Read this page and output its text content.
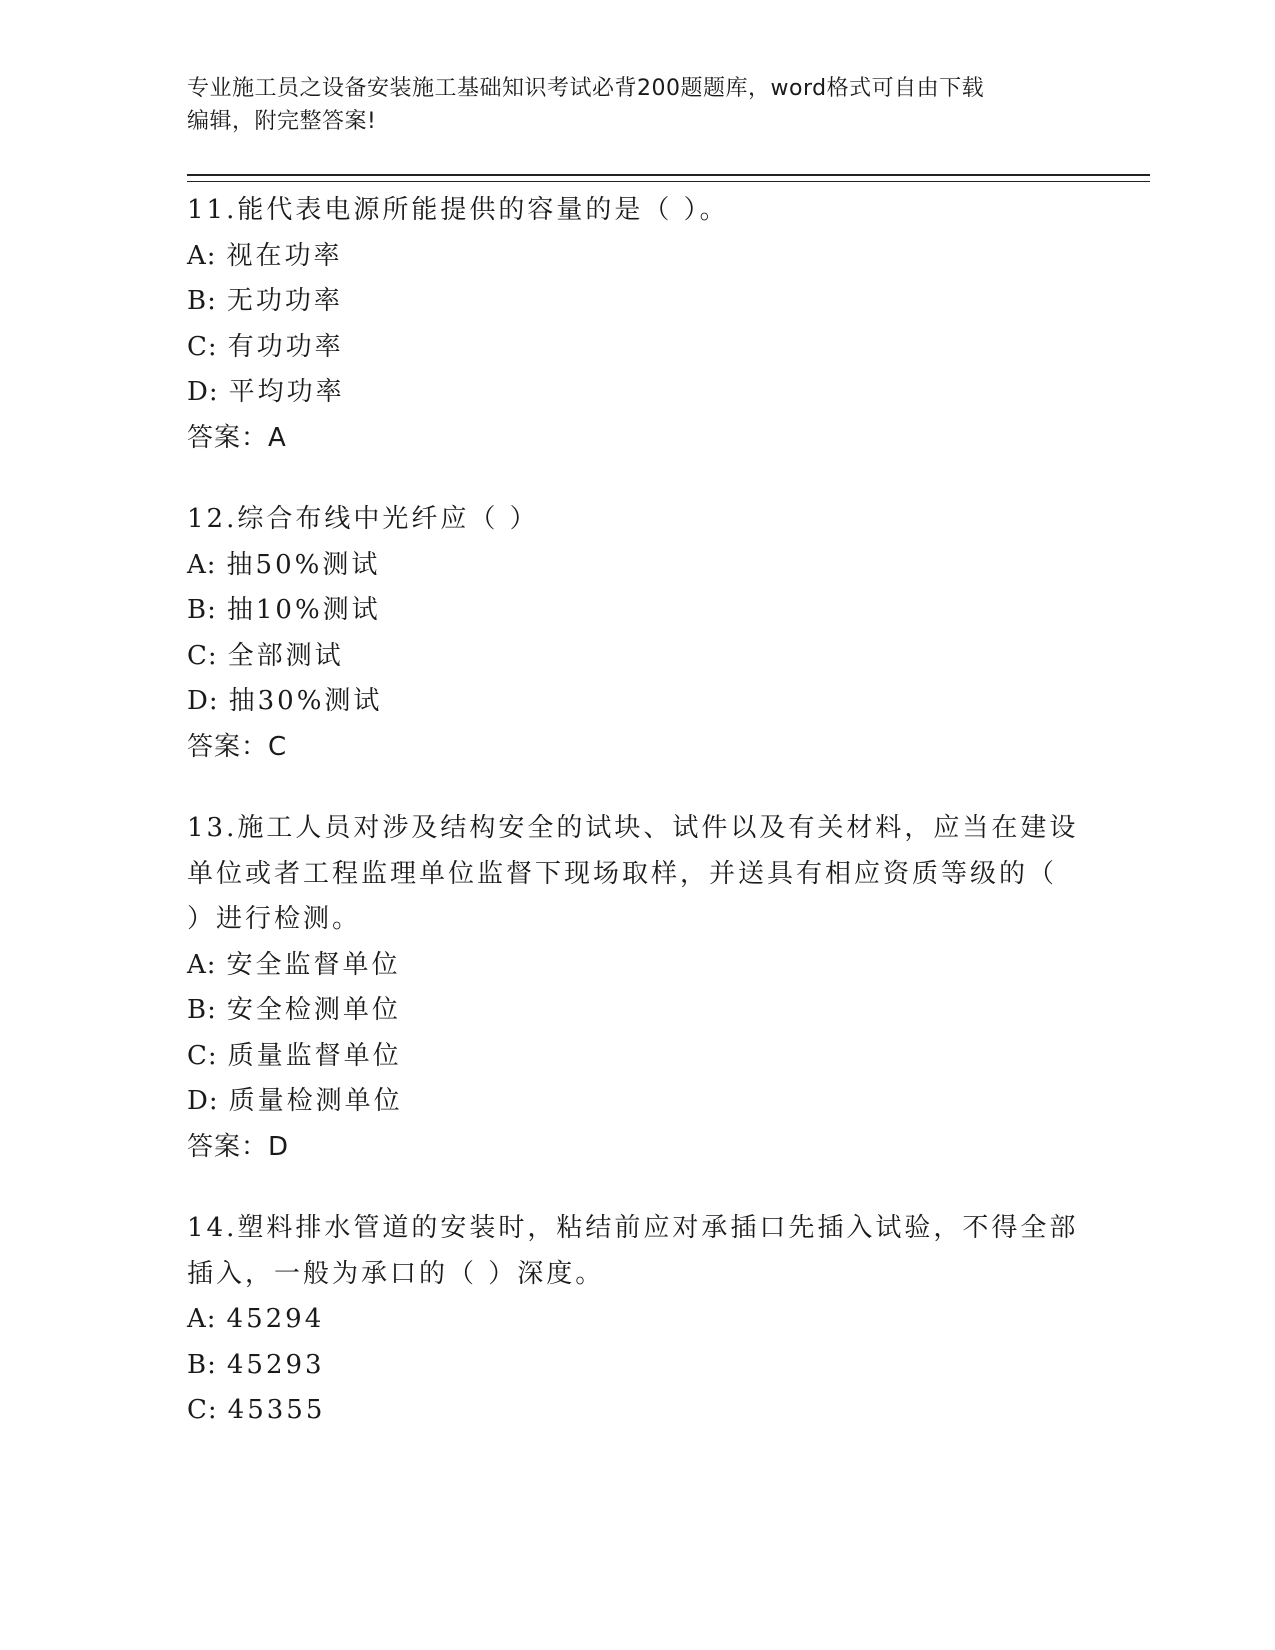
专业施工员之设备安装施工基础知识考试必背200题题库，word格式可自由下载
编辑，附完整答案!
11.能代表电源所能提供的容量的是（ ）。
A: 视在功率
B: 无功功率
C: 有功功率
D: 平均功率
答案：A
12.综合布线中光纤应（ ）
A: 抽50%测试
B: 抽10%测试
C: 全部测试
D: 抽30%测试
答案：C
13.施工人员对涉及结构安全的试块、试件以及有关材料，应当在建设
单位或者工程监理单位监督下现场取样，并送具有相应资质等级的（
）进行检测。
A: 安全监督单位
B: 安全检测单位
C: 质量监督单位
D: 质量检测单位
答案：D
14.塑料排水管道的安装时，粘结前应对承插口先插入试验，不得全部
插入，一般为承口的（ ）深度。
A: 45294
B: 45293
C: 45355
